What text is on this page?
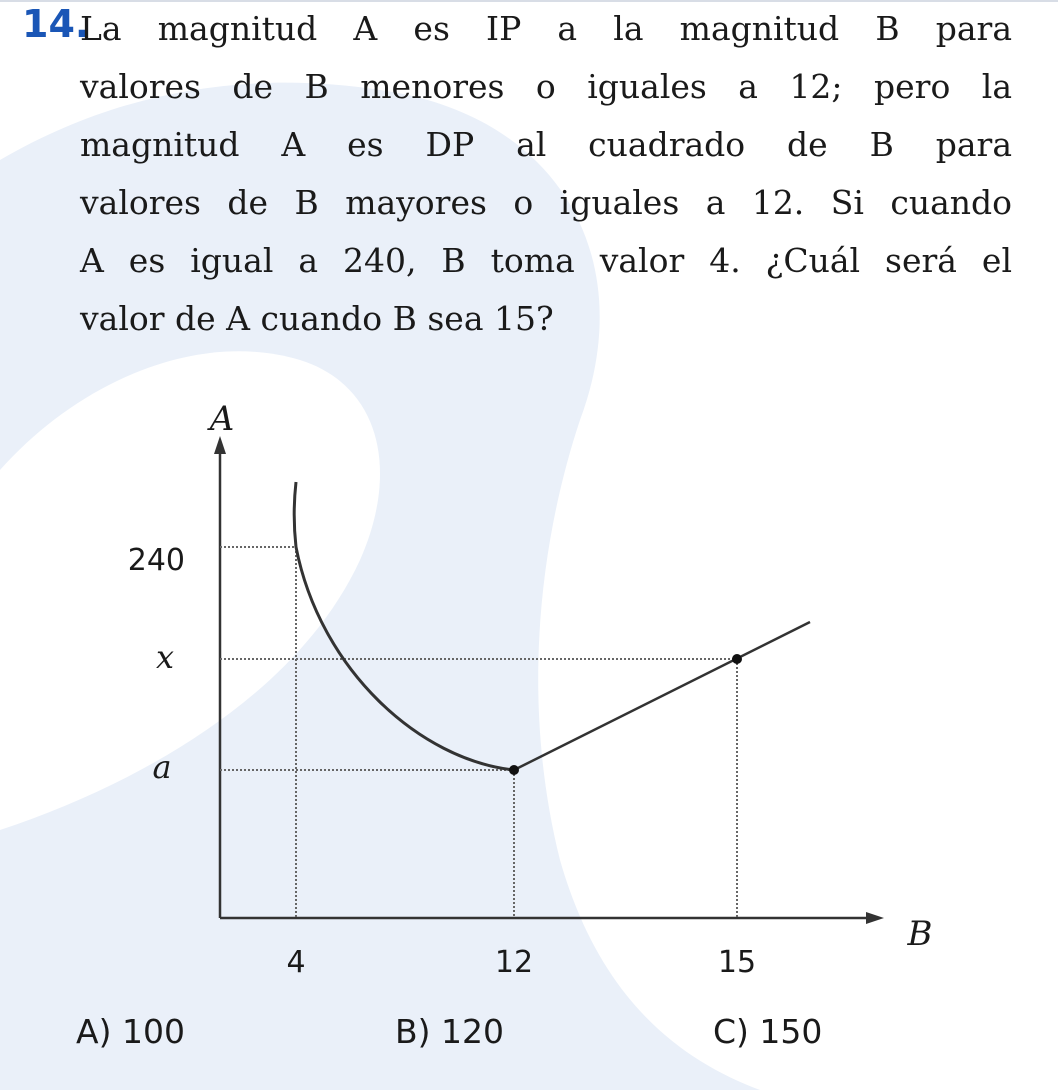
14.
La magnitud A es IP a la magnitud B para
valores de B menores o iguales a 12; pero la
magnitud A es DP al cuadrado de B para
valores de B mayores o iguales a 12. Si cuando
A es igual a 240, B toma valor 4. ¿Cuál será el
valor de A cuando B sea 15?
A
B
240
x
a
4	12	15
A) 100	B) 120	C) 150
